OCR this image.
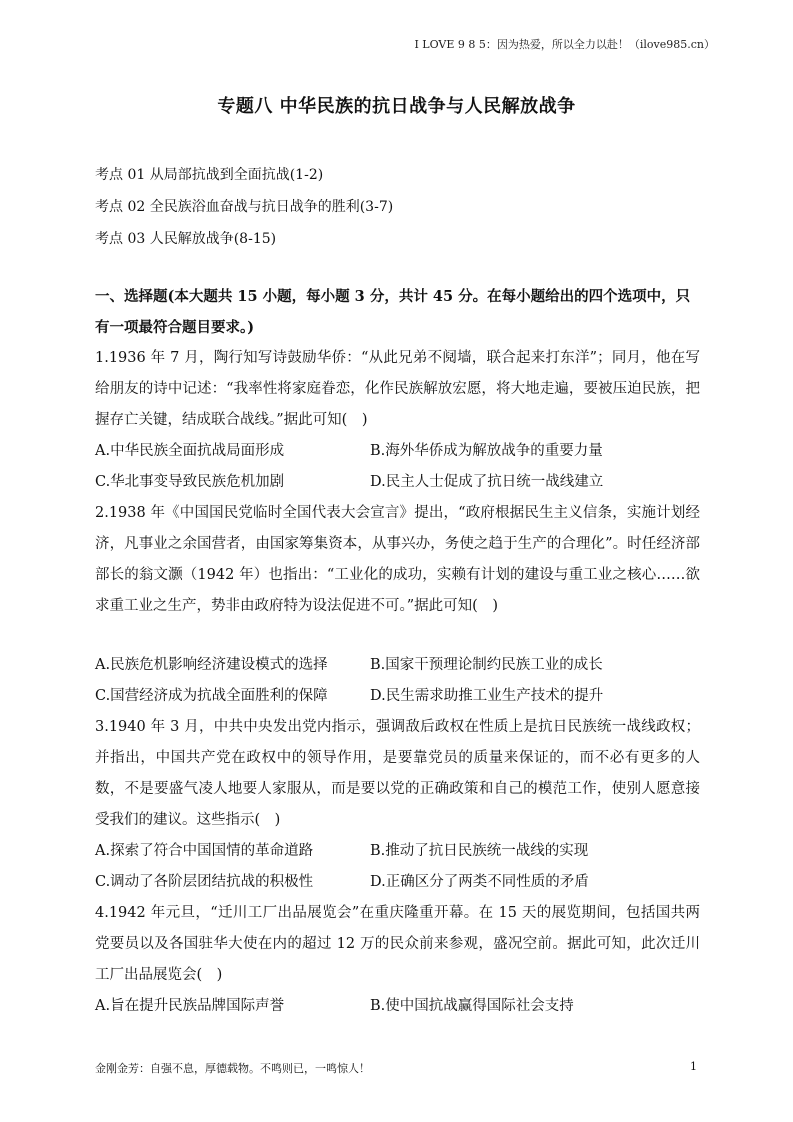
I LOVE 9 8 5：因为热爱，所以全力以赴！（ilove985.cn）
专题八 中华民族的抗日战争与人民解放战争
考点 01 从局部抗战到全面抗战(1-2)
考点 02 全民族浴血奋战与抗日战争的胜利(3-7)
考点 03 人民解放战争(8-15)
一、选择题(本大题共 15 小题，每小题 3 分，共计 45 分。在每小题给出的四个选项中，只有一项最符合题目要求。)
1.1936 年 7 月，陶行知写诗鼓励华侨：“从此兄弟不阋墙，联合起来打东洋”；同月，他在写给朋友的诗中记述：“我率性将家庭眷恋，化作民族解放宏愿，将大地走遍，要被压迫民族，把握存亡关键，结成联合战线。”据此可知(　)
A.中华民族全面抗战局面形成	B.海外华侨成为解放战争的重要力量
C.华北事变导致民族危机加剧	D.民主人士促成了抗日统一战线建立
2.1938 年《中国国民党临时全国代表大会宣言》提出，“政府根据民生主义信条，实施计划经济，凡事业之余国营者，由国家筹集资本，从事兴办，务使之趋于生产的合理化”。时任经济部部长的翁文灏（1942 年）也指出：“工业化的成功，实赖有计划的建设与重工业之核心……欲求重工业之生产，势非由政府特为设法促进不可。”据此可知(　)
A.民族危机影响经济建设模式的选择	B.国家干预理论制约民族工业的成长
C.国营经济成为抗战全面胜利的保障	D.民生需求助推工业生产技术的提升
3.1940 年 3 月，中共中央发出党内指示，强调敌后政权在性质上是抗日民族统一战线政权；并指出，中国共产党在政权中的领导作用，是要靠党员的质量来保证的，而不必有更多的人数，不是要盛气凌人地要人家服从，而是要以党的正确政策和自己的模范工作，使别人愿意接受我们的建议。这些指示(　)
A.探索了符合中国国情的革命道路	B.推动了抗日民族统一战线的实现
C.调动了各阶层团结抗战的积极性	D.正确区分了两类不同性质的矛盾
4.1942 年元旦，“迁川工厂出品展览会”在重庆隆重开幕。在 15 天的展览期间，包括国共两党要员以及各国驻华大使在内的超过 12 万的民众前来参观，盛况空前。据此可知，此次迁川工厂出品展览会(　)
A.旨在提升民族品牌国际声誉	B.使中国抗战赢得国际社会支持
金刚金芳：自强不息，厚德载物。不鸣则已，一鸣惊人！	1
